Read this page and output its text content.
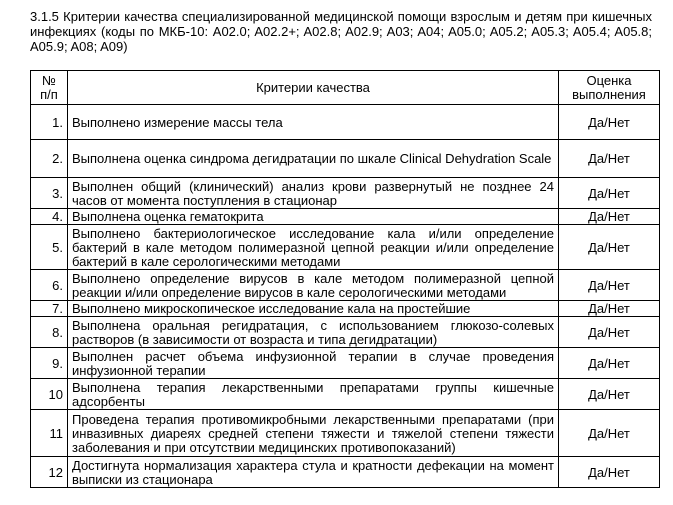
3.1.5 Критерии качества специализированной медицинской помощи взрослым и детям при кишечных инфекциях (коды по МКБ-10: A02.0; A02.2+; A02.8; A02.9; A03; A04; A05.0; A05.2; A05.3; A05.4; A05.8; A05.9; A08; A09)
№ п/п	Критерии качества	Оценка выполнения
1.	Выполнено измерение массы тела	Да/Нет
2.	Выполнена оценка синдрома дегидратации по шкале Clinical Dehydration Scale	Да/Нет
3.	Выполнен общий (клинический) анализ крови развернутый не позднее 24 часов от момента поступления в стационар	Да/Нет
4.	Выполнена оценка гематокрита	Да/Нет
5.	Выполнено бактериологическое исследование кала и/или определение бактерий в кале методом полимеразной цепной реакции и/или определение бактерий в кале серологическими методами	Да/Нет
6.	Выполнено определение вирусов в кале методом полимеразной цепной реакции и/или определение вирусов в кале серологическими методами	Да/Нет
7.	Выполнено микроскопическое исследование кала на простейшие	Да/Нет
8.	Выполнена оральная регидратация, с использованием глюкозо-солевых растворов (в зависимости от возраста и типа дегидратации)	Да/Нет
9.	Выполнен расчет объема инфузионной терапии в случае проведения инфузионной терапии	Да/Нет
10	Выполнена терапия лекарственными препаратами группы кишечные адсорбенты	Да/Нет
11	Проведена терапия противомикробными лекарственными препаратами (при инвазивных диареях средней степени тяжести и тяжелой степени тяжести заболевания и при отсутствии медицинских противопоказаний)	Да/Нет
12	Достигнута нормализация характера стула и кратности дефекации на момент выписки из стационара	Да/Нет
